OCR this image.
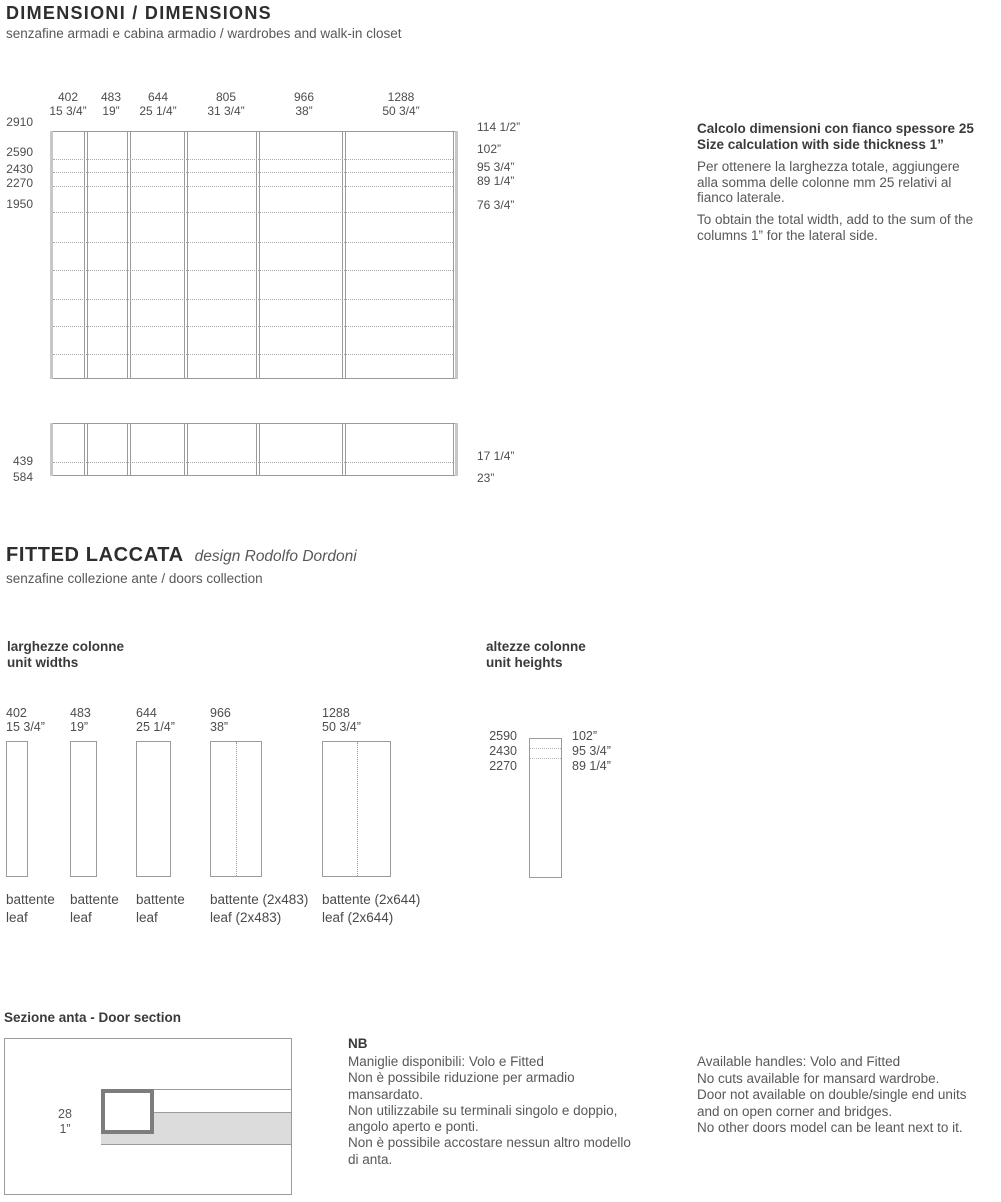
DIMENSIONI / DIMENSIONS
senzafine armadi e cabina armadio / wardrobes and walk-in closet
402
15 3/4”
483
19”
644
25 1/4”
805
31 3/4”
966
38”
1288
50 3/4”
2910
2590
2430
2270
1950
114 1/2”
102”
95 3/4”
89 1/4”
76 3/4”
439
584
17 1/4”
23”
Calcolo dimensioni con fianco spessore 25
Size calculation with side thickness 1”
Per ottenere la larghezza totale, aggiungere
alla somma delle colonne mm 25 relativi al
fianco laterale.
To obtain the total width, add to the sum of the
columns 1” for the lateral side.
FITTED LACCATA design Rodolfo Dordoni
senzafine collezione ante / doors collection
larghezze colonne
unit widths
altezze colonne
unit heights
402
15 3/4”
483
19”
644
25 1/4”
966
38”
1288
50 3/4”
battente
leaf
battente
leaf
battente
leaf
battente (2x483)
leaf (2x483)
battente (2x644)
leaf (2x644)
2590
2430
2270
102”
95 3/4”
89 1/4”
Sezione anta - Door section
28
1”
NB
Maniglie disponibili: Volo e Fitted
Non è possibile riduzione per armadio
mansardato.
Non utilizzabile su terminali singolo e doppio,
angolo aperto e ponti.
Non è possibile accostare nessun altro modello
di anta.
Available handles: Volo and Fitted
No cuts available for mansard wardrobe.
Door not available on double/single end units
and on open corner and bridges.
No other doors model can be leant next to it.
